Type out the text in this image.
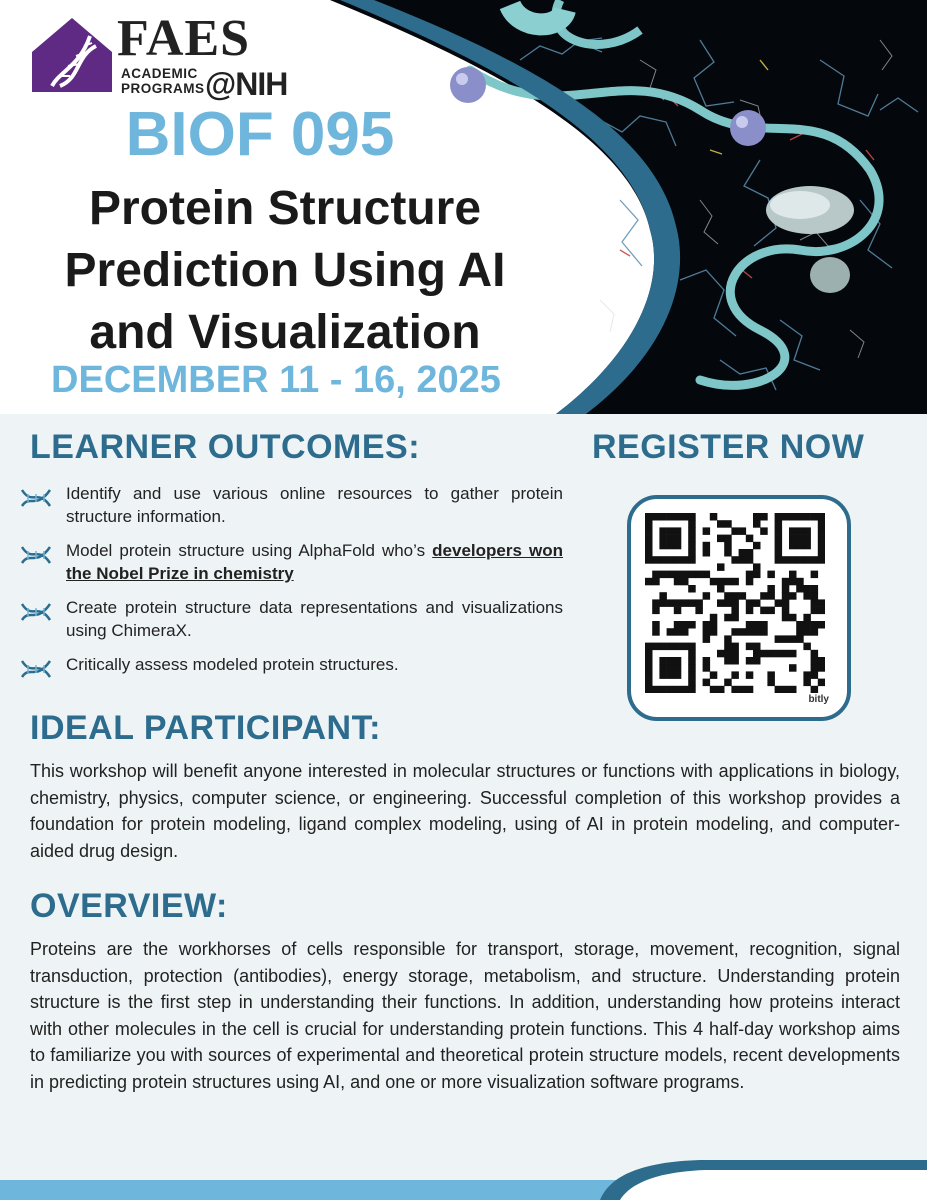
FAES
ACADEMIC
PROGRAMS @NIH
BIOF 095
Protein Structure
Prediction Using AI
and Visualization
DECEMBER 11 - 16, 2025
LEARNER OUTCOMES:	REGISTER NOW
Identify and use various online resources to gather protein structure information.
Model protein structure using AlphaFold who’s developers won the Nobel Prize in chemistry
Create protein structure data representations and visualizations using ChimeraX.
Critically assess modeled protein structures.
bitly
IDEAL PARTICIPANT:

This workshop will benefit anyone interested in molecular structures or functions with applications in biology, chemistry, physics, computer science, or engineering. Successful completion of this workshop provides a foundation for protein modeling, ligand complex modeling, using of AI in protein modeling, and computer-aided drug design.

OVERVIEW:

Proteins are the workhorses of cells responsible for transport, storage, movement, recognition, signal transduction, protection (antibodies), energy storage, metabolism, and structure. Understanding protein structure is the first step in understanding their functions. In addition, understanding how proteins interact with other molecules in the cell is crucial for understanding protein functions. This 4 half-day workshop aims to familiarize you with sources of experimental and theoretical protein structure models, recent developments in predicting protein structures using AI, and one or more visualization software programs.
